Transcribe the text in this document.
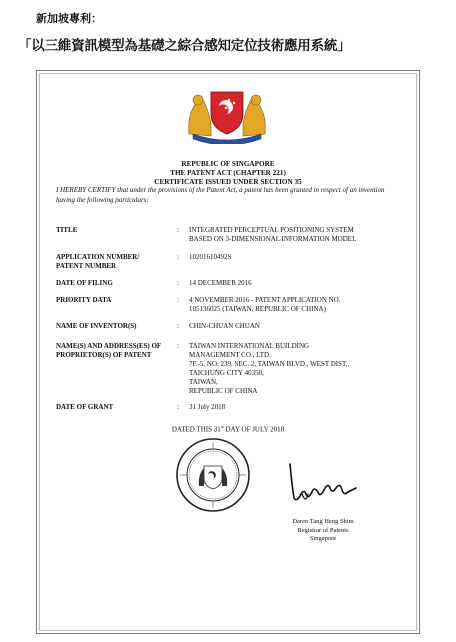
新加坡專利：
「以三維資訊模型為基礎之綜合感知定位技術應用系統」
REPUBLIC OF SINGAPORE
THE PATENT ACT (CHAPTER 221)
CERTIFICATE ISSUED UNDER SECTION 35
I HEREBY CERTIFY that under the provisions of the Patent Act, a patent has been granted in respect of an invention having the following particulars:
TITLE	: INTEGRATED PERCEPTUAL POSITIONING SYSTEM
BASED ON 3-DIMENSIONAL INFORMATION MODEL
APPLICATION NUMBER/
PATENT NUMBER
: 10201610492S
DATE OF FILING	: 14 DECEMBER 2016
PRIORITY DATA	: 4 NOVEMBER 2016 - PATENT APPLICATION NO.
105136025 (TAIWAN, REPUBLIC OF CHINA)
NAME OF INVENTOR(S)	: CHIN-CHUAN CHUAN
NAME(S) AND ADDRESS(ES) OF
PROPRIETOR(S) OF PATENT
: TAIWAN INTERNATIONAL BUILDING
MANAGEMENT CO., LTD.
7F.-5, NO. 239, SEC. 2, TAIWAN BLVD., WEST DIST.,
TAICHUNG CITY 40350,
TAIWAN,
REPUBLIC OF CHINA
DATE OF GRANT	: 31 July 2018
DATED THIS 31st DAY OF JULY 2018
Daren Tang Heng Shim
Registrar of Patents
Singapore
